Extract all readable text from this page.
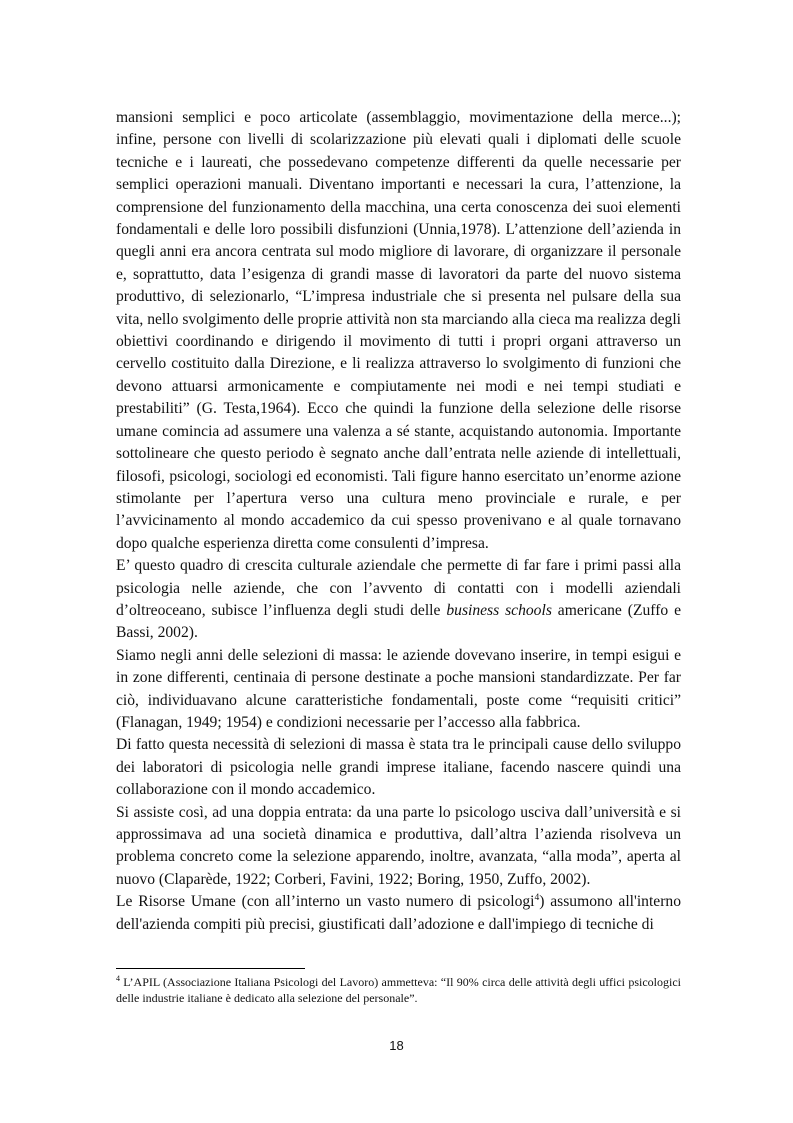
mansioni semplici e poco articolate (assemblaggio, movimentazione della merce...); infine, persone con livelli di scolarizzazione più elevati quali i diplomati delle scuole tecniche e i laureati, che possedevano competenze differenti da quelle necessarie per semplici operazioni manuali. Diventano importanti e necessari la cura, l’attenzione, la comprensione del funzionamento della macchina, una certa conoscenza dei suoi elementi fondamentali e delle loro possibili disfunzioni (Unnia,1978). L’attenzione dell’azienda in quegli anni era ancora centrata sul modo migliore di lavorare, di organizzare il personale e, soprattutto, data l’esigenza di grandi masse di lavoratori da parte del nuovo sistema produttivo, di selezionarlo, “L’impresa industriale che si presenta nel pulsare della sua vita, nello svolgimento delle proprie attività non sta marciando alla cieca ma realizza degli obiettivi coordinando e dirigendo il movimento di tutti i propri organi attraverso un cervello costituito dalla Direzione, e li realizza attraverso lo svolgimento di funzioni che devono attuarsi armonicamente e compiutamente nei modi e nei tempi studiati e prestabiliti” (G. Testa,1964). Ecco che quindi la funzione della selezione delle risorse umane comincia ad assumere una valenza a sé stante, acquistando autonomia. Importante sottolineare che questo periodo è segnato anche dall’entrata nelle aziende di intellettuali, filosofi, psicologi, sociologi ed economisti. Tali figure hanno esercitato un’enorme azione stimolante per l’apertura verso una cultura meno provinciale e rurale, e per l’avvicinamento al mondo accademico da cui spesso provenivano e al quale tornavano dopo qualche esperienza diretta come consulenti d’impresa.

E’ questo quadro di crescita culturale aziendale che permette di far fare i primi passi alla psicologia nelle aziende, che con l’avvento di contatti con i modelli aziendali d’oltreoceano, subisce l’influenza degli studi delle business schools americane (Zuffo e Bassi, 2002).

Siamo negli anni delle selezioni di massa: le aziende dovevano inserire, in tempi esigui e in zone differenti, centinaia di persone destinate a poche mansioni standardizzate. Per far ciò, individuavano alcune caratteristiche fondamentali, poste come “requisiti critici” (Flanagan, 1949; 1954) e condizioni necessarie per l’accesso alla fabbrica.

Di fatto questa necessità di selezioni di massa è stata tra le principali cause dello sviluppo dei laboratori di psicologia nelle grandi imprese italiane, facendo nascere quindi una collaborazione con il mondo accademico.

Si assiste così, ad una doppia entrata: da una parte lo psicologo usciva dall’università e si approssimava ad una società dinamica e produttiva, dall’altra l’azienda risolveva un problema concreto come la selezione apparendo, inoltre, avanzata, “alla moda”, aperta al nuovo (Claparède, 1922; Corberi, Favini, 1922; Boring, 1950, Zuffo, 2002).

Le Risorse Umane (con all’interno un vasto numero di psicologi$^4$) assumono all'interno dell'azienda compiti più precisi, giustificati dall’adozione e dall'impiego di tecniche di

$^4$ L’APIL (Associazione Italiana Psicologi del Lavoro) ammetteva: “Il 90% circa delle attività degli uffici psicologici delle industrie italiane è dedicato alla selezione del personale”.
18
